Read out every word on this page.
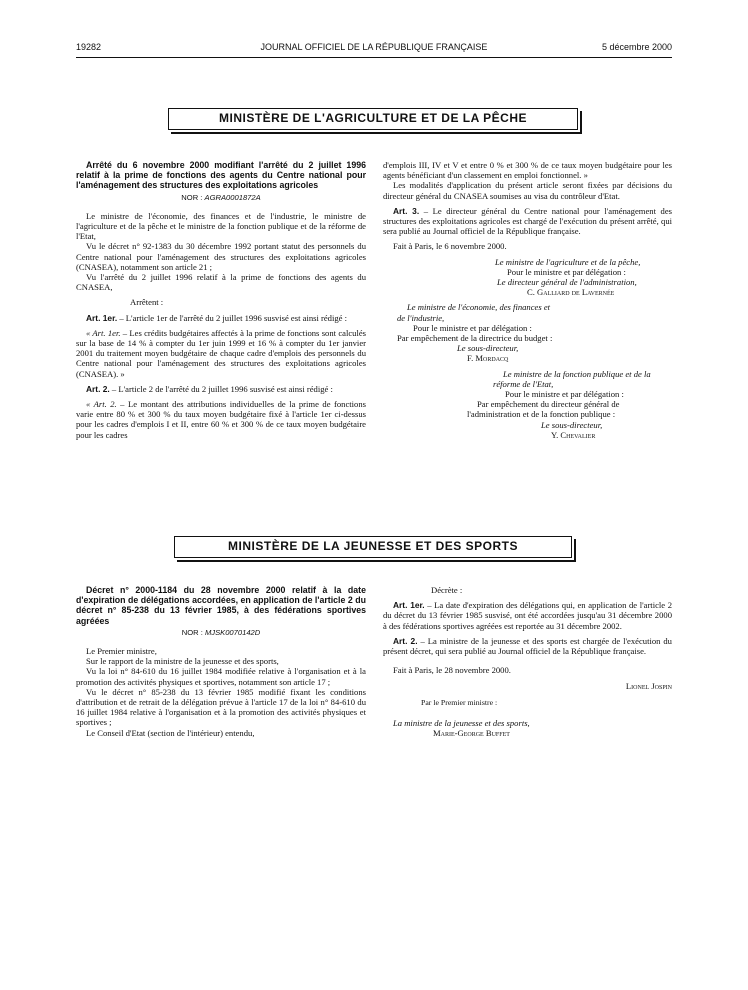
19282	JOURNAL OFFICIEL DE LA RÉPUBLIQUE FRANÇAISE	5 décembre 2000
MINISTÈRE DE L'AGRICULTURE ET DE LA PÊCHE

Arrêté du 6 novembre 2000 modifiant l'arrêté du 2 juillet 1996 relatif à la prime de fonctions des agents du Centre national pour l'aménagement des structures des exploitations agricoles

NOR : AGRA0001872A

Le ministre de l'économie, des finances et de l'industrie, le ministre de l'agriculture et de la pêche et le ministre de la fonction publique et de la réforme de l'Etat,

Vu le décret n° 92-1383 du 30 décembre 1992 portant statut des personnels du Centre national pour l'aménagement des structures des exploitations agricoles (CNASEA), notamment son article 21 ;

Vu l'arrêté du 2 juillet 1996 relatif à la prime de fonctions des agents du CNASEA,

Arrêtent :

Art. 1er. – L'article 1er de l'arrêté du 2 juillet 1996 susvisé est ainsi rédigé :

« Art. 1er. – Les crédits budgétaires affectés à la prime de fonctions sont calculés sur la base de 14 % à compter du 1er juin 1999 et 16 % à compter du 1er janvier 2001 du traitement moyen budgétaire de chaque cadre d'emplois des personnels du Centre national pour l'aménagement des structures des exploitations agricoles (CNASEA). »

Art. 2. – L'article 2 de l'arrêté du 2 juillet 1996 susvisé est ainsi rédigé :

« Art. 2. – Le montant des attributions individuelles de la prime de fonctions varie entre 80 % et 300 % du taux moyen budgétaire fixé à l'article 1er ci-dessus pour les cadres d'emplois I et II, entre 60 % et 300 % de ce taux moyen budgétaire pour les cadres

d'emplois III, IV et V et entre 0 % et 300 % de ce taux moyen budgétaire pour les agents bénéficiant d'un classement en emploi fonctionnel. »

Les modalités d'application du présent article seront fixées par décisions du directeur général du CNASEA soumises au visa du contrôleur d'Etat.

Art. 3. – Le directeur général du Centre national pour l'aménagement des structures des exploitations agricoles est chargé de l'exécution du présent arrêté, qui sera publié au Journal officiel de la République française.

Fait à Paris, le 6 novembre 2000.

Le ministre de l'agriculture et de la pêche,

Pour le ministre et par délégation :

Le directeur général de l'administration,

C. Galliard de Lavernée

Le ministre de l'économie, des finances et de l'industrie,

Pour le ministre et par délégation :

Par empêchement de la directrice du budget :

Le sous-directeur,

F. Mordacq

Le ministre de la fonction publique et de la réforme de l'Etat,

Pour le ministre et par délégation :

Par empêchement du directeur général de l'administration et de la fonction publique :

Le sous-directeur,

Y. Chevalier

MINISTÈRE DE LA JEUNESSE ET DES SPORTS

Décret n° 2000-1184 du 28 novembre 2000 relatif à la date d'expiration de délégations accordées, en application de l'article 2 du décret n° 85-238 du 13 février 1985, à des fédérations sportives agréées

NOR : MJSK0070142D

Le Premier ministre,

Sur le rapport de la ministre de la jeunesse et des sports,

Vu la loi n° 84-610 du 16 juillet 1984 modifiée relative à l'organisation et à la promotion des activités physiques et sportives, notamment son article 17 ;

Vu le décret n° 85-238 du 13 février 1985 modifié fixant les conditions d'attribution et de retrait de la délégation prévue à l'article 17 de la loi n° 84-610 du 16 juillet 1984 relative à l'organisation et à la promotion des activités physiques et sportives ;

Le Conseil d'Etat (section de l'intérieur) entendu,

Décrète :

Art. 1er. – La date d'expiration des délégations qui, en application de l'article 2 du décret du 13 février 1985 susvisé, ont été accordées jusqu'au 31 décembre 2000 à des fédérations sportives agréées est reportée au 31 décembre 2002.

Art. 2. – La ministre de la jeunesse et des sports est chargée de l'exécution du présent décret, qui sera publié au Journal officiel de la République française.

Fait à Paris, le 28 novembre 2000.

Lionel Jospin

Par le Premier ministre :

La ministre de la jeunesse et des sports,

Marie-George Buffet
